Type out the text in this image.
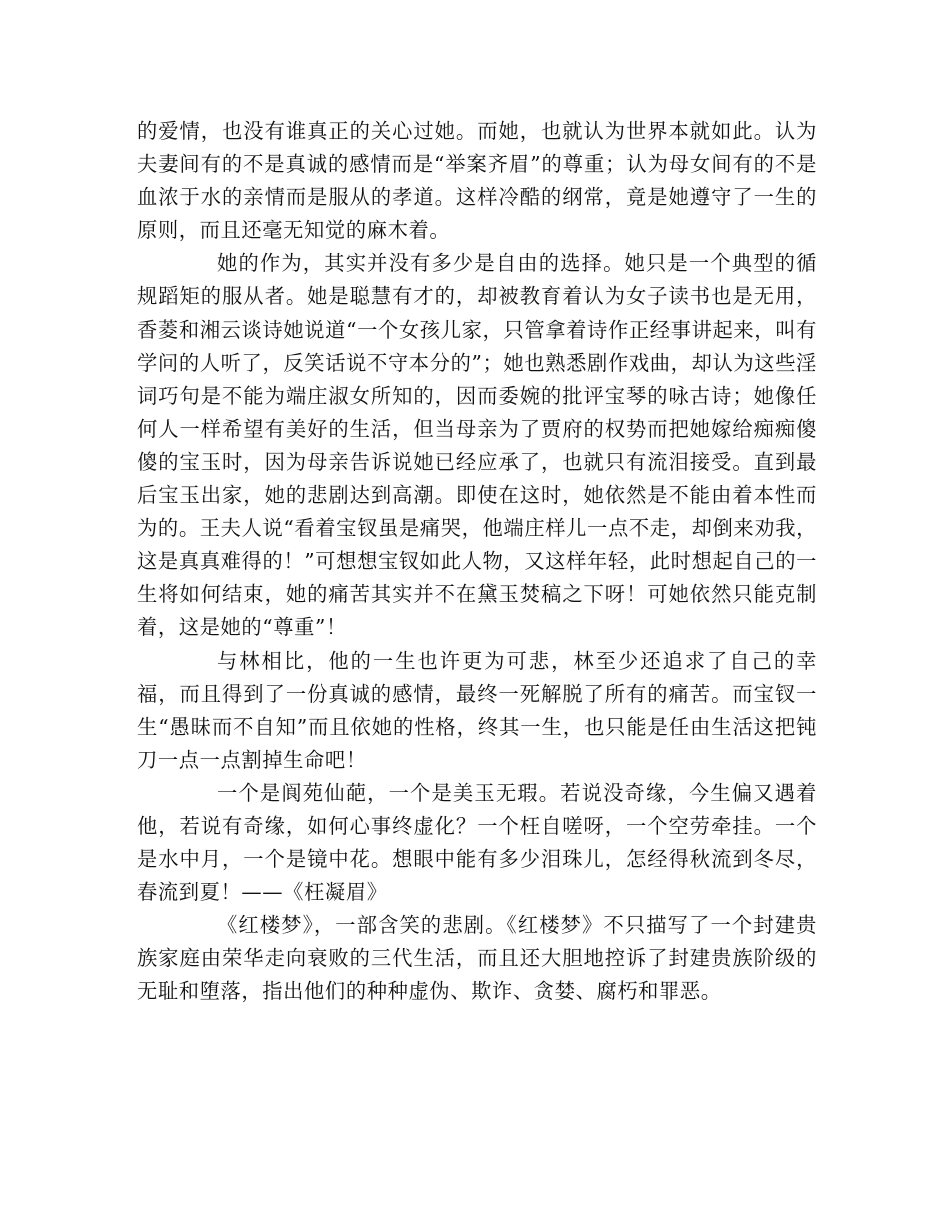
的爱情，也没有谁真正的关心过她。而她，也就认为世界本就如此。认为夫妻间有的不是真诚的感情而是“举案齐眉”的尊重；认为母女间有的不是血浓于水的亲情而是服从的孝道。这样冷酷的纲常，竟是她遵守了一生的原则，而且还毫无知觉的麻木着。

她的作为，其实并没有多少是自由的选择。她只是一个典型的循规蹈矩的服从者。她是聪慧有才的，却被教育着认为女子读书也是无用，香菱和湘云谈诗她说道“一个女孩儿家，只管拿着诗作正经事讲起来，叫有学问的人听了，反笑话说不守本分的”；她也熟悉剧作戏曲，却认为这些淫词巧句是不能为端庄淑女所知的，因而委婉的批评宝琴的咏古诗；她像任何人一样希望有美好的生活，但当母亲为了贾府的权势而把她嫁给痴痴傻傻的宝玉时，因为母亲告诉说她已经应承了，也就只有流泪接受。直到最后宝玉出家，她的悲剧达到高潮。即使在这时，她依然是不能由着本性而为的。王夫人说“看着宝钗虽是痛哭，他端庄样儿一点不走，却倒来劝我，这是真真难得的！”可想想宝钗如此人物，又这样年轻，此时想起自己的一生将如何结束，她的痛苦其实并不在黛玉焚稿之下呀！可她依然只能克制着，这是她的“尊重”！

与林相比，他的一生也许更为可悲，林至少还追求了自己的幸福，而且得到了一份真诚的感情，最终一死解脱了所有的痛苦。而宝钗一生“愚昧而不自知”而且依她的性格，终其一生，也只能是任由生活这把钝刀一点一点割掉生命吧！

一个是阆苑仙葩，一个是美玉无瑕。若说没奇缘，今生偏又遇着他，若说有奇缘，如何心事终虚化？一个枉自嗟呀，一个空劳牵挂。一个是水中月，一个是镜中花。想眼中能有多少泪珠儿，怎经得秋流到冬尽，春流到夏！——《枉凝眉》

《红楼梦》，一部含笑的悲剧。《红楼梦》不只描写了一个封建贵族家庭由荣华走向衰败的三代生活，而且还大胆地控诉了封建贵族阶级的无耻和堕落，指出他们的种种虚伪、欺诈、贪婪、腐朽和罪恶。
